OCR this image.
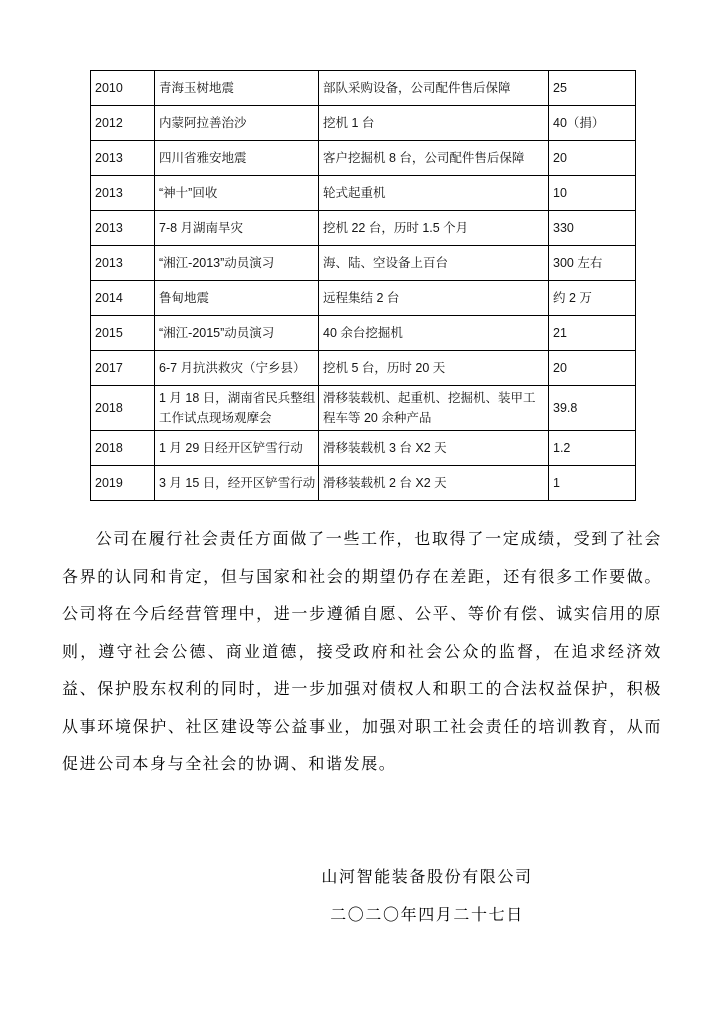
2010	青海玉树地震	部队采购设备，公司配件售后保障	25
2012	内蒙阿拉善治沙	挖机 1 台	40（捐）
2013	四川省雅安地震	客户挖掘机 8 台，公司配件售后保障	20
2013	“神十”回收	轮式起重机	10
2013	7-8 月湖南旱灾	挖机 22 台，历时 1.5 个月	330
2013	“湘江-2013”动员演习	海、陆、空设备上百台	300 左右
2014	鲁甸地震	远程集结 2 台	约 2 万
2015	“湘江-2015”动员演习	40 余台挖掘机	21
2017	6-7 月抗洪救灾（宁乡县）	挖机 5 台，历时 20 天	20
2018	1 月 18 日，湖南省民兵整组工作试点现场观摩会	滑移装载机、起重机、挖掘机、装甲工程车等 20 余种产品	39.8
2018	1 月 29 日经开区铲雪行动	滑移装载机 3 台 X2 天	1.2
2019	3 月 15 日，经开区铲雪行动	滑移装载机 2 台 X2 天	1

公司在履行社会责任方面做了一些工作，也取得了一定成绩，受到了社会各界的认同和肯定，但与国家和社会的期望仍存在差距，还有很多工作要做。公司将在今后经营管理中，进一步遵循自愿、公平、等价有偿、诚实信用的原则，遵守社会公德、商业道德，接受政府和社会公众的监督，在追求经济效益、保护股东权利的同时，进一步加强对债权人和职工的合法权益保护，积极从事环境保护、社区建设等公益事业，加强对职工社会责任的培训教育，从而促进公司本身与全社会的协调、和谐发展。

山河智能装备股份有限公司
二〇二〇年四月二十七日
